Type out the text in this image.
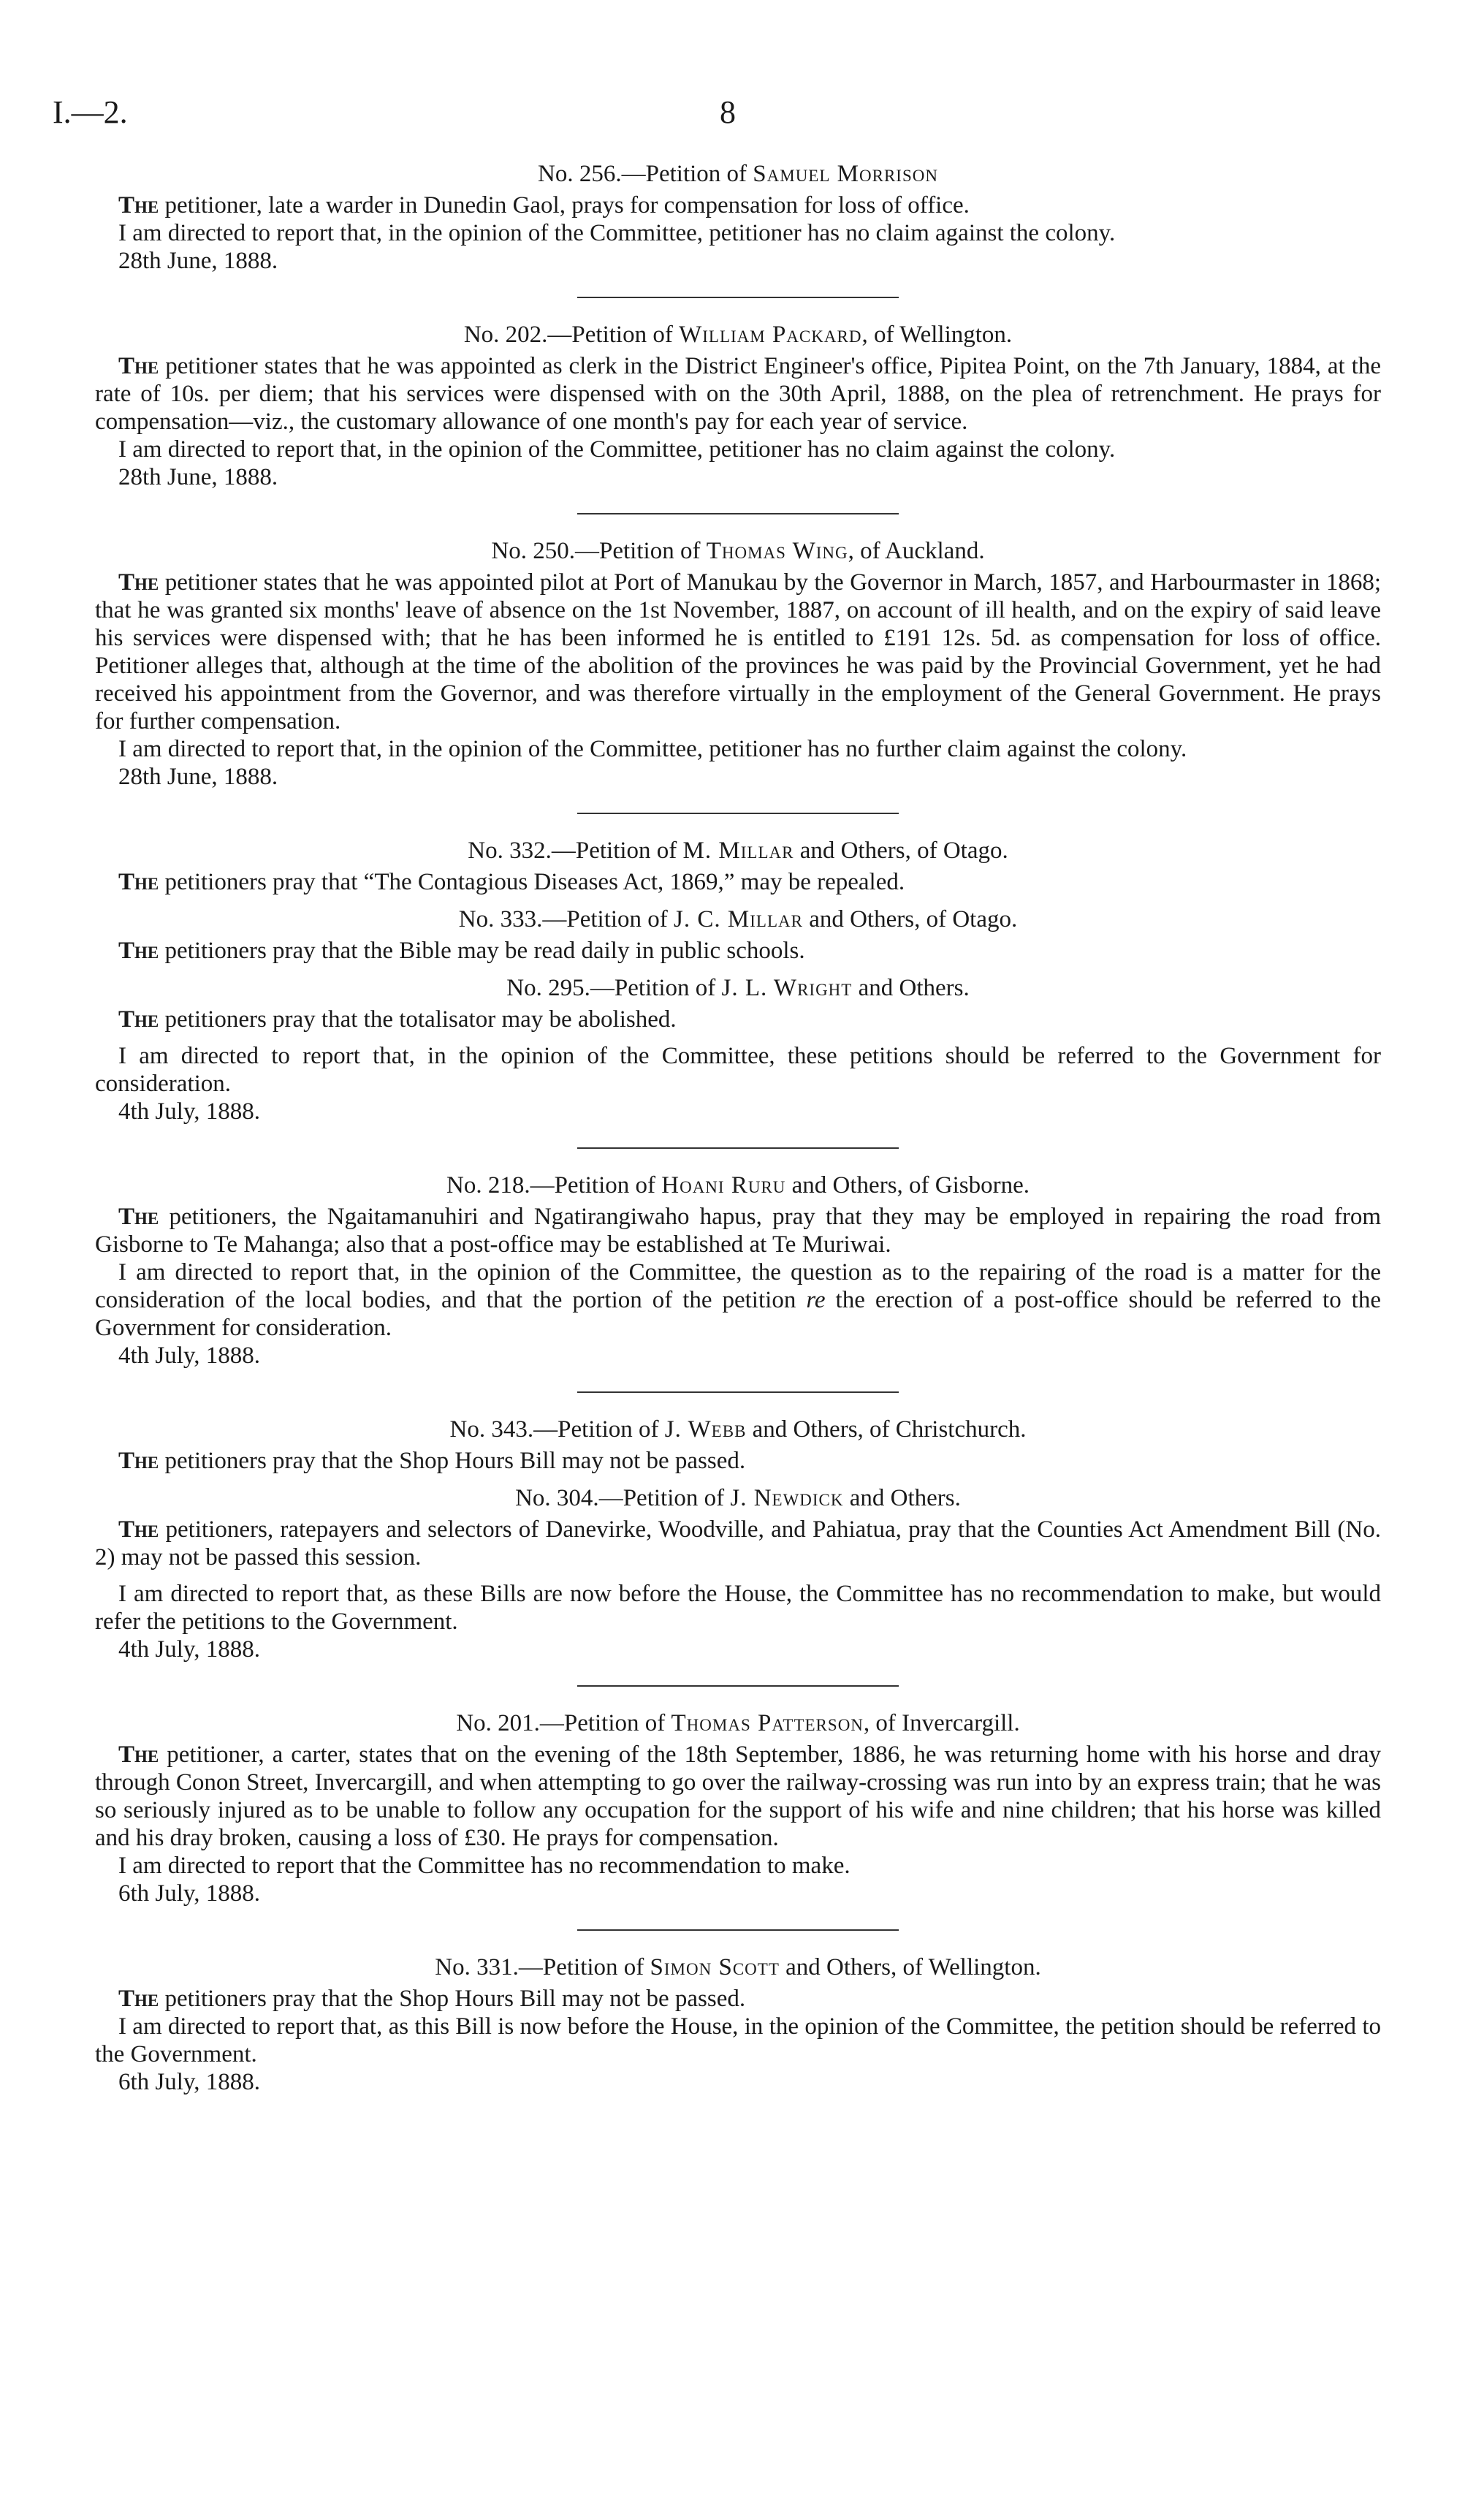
I.—2.	8

No. 256.—Petition of Samuel Morrison

The petitioner, late a warder in Dunedin Gaol, prays for compensation for loss of office.

I am directed to report that, in the opinion of the Committee, petitioner has no claim against the colony.

28th June, 1888.

No. 202.—Petition of William Packard, of Wellington.

The petitioner states that he was appointed as clerk in the District Engineer's office, Pipitea Point, on the 7th January, 1884, at the rate of 10s. per diem; that his services were dispensed with on the 30th April, 1888, on the plea of retrenchment. He prays for compensation—viz., the customary allowance of one month's pay for each year of service.

I am directed to report that, in the opinion of the Committee, petitioner has no claim against the colony.

28th June, 1888.

No. 250.—Petition of Thomas Wing, of Auckland.

The petitioner states that he was appointed pilot at Port of Manukau by the Governor in March, 1857, and Harbourmaster in 1868; that he was granted six months' leave of absence on the 1st November, 1887, on account of ill health, and on the expiry of said leave his services were dispensed with; that he has been informed he is entitled to £191 12s. 5d. as compensation for loss of office. Petitioner alleges that, although at the time of the abolition of the provinces he was paid by the Provincial Government, yet he had received his appointment from the Governor, and was therefore virtually in the employment of the General Government. He prays for further compensation.

I am directed to report that, in the opinion of the Committee, petitioner has no further claim against the colony.

28th June, 1888.

No. 332.—Petition of M. Millar and Others, of Otago.

The petitioners pray that “The Contagious Diseases Act, 1869,” may be repealed.

No. 333.—Petition of J. C. Millar and Others, of Otago.

The petitioners pray that the Bible may be read daily in public schools.

No. 295.—Petition of J. L. Wright and Others.

The petitioners pray that the totalisator may be abolished.

I am directed to report that, in the opinion of the Committee, these petitions should be referred to the Government for consideration.

4th July, 1888.

No. 218.—Petition of Hoani Ruru and Others, of Gisborne.

The petitioners, the Ngaitamanuhiri and Ngatirangiwaho hapus, pray that they may be employed in repairing the road from Gisborne to Te Mahanga; also that a post-office may be established at Te Muriwai.

I am directed to report that, in the opinion of the Committee, the question as to the repairing of the road is a matter for the consideration of the local bodies, and that the portion of the petition re the erection of a post-office should be referred to the Government for consideration.

4th July, 1888.

No. 343.—Petition of J. Webb and Others, of Christchurch.

The petitioners pray that the Shop Hours Bill may not be passed.

No. 304.—Petition of J. Newdick and Others.

The petitioners, ratepayers and selectors of Danevirke, Woodville, and Pahiatua, pray that the Counties Act Amendment Bill (No. 2) may not be passed this session.

I am directed to report that, as these Bills are now before the House, the Committee has no recommendation to make, but would refer the petitions to the Government.

4th July, 1888.

No. 201.—Petition of Thomas Patterson, of Invercargill.

The petitioner, a carter, states that on the evening of the 18th September, 1886, he was returning home with his horse and dray through Conon Street, Invercargill, and when attempting to go over the railway-crossing was run into by an express train; that he was so seriously injured as to be unable to follow any occupation for the support of his wife and nine children; that his horse was killed and his dray broken, causing a loss of £30. He prays for compensation.

I am directed to report that the Committee has no recommendation to make.

6th July, 1888.

No. 331.—Petition of Simon Scott and Others, of Wellington.

The petitioners pray that the Shop Hours Bill may not be passed.

I am directed to report that, as this Bill is now before the House, in the opinion of the Committee, the petition should be referred to the Government.

6th July, 1888.
